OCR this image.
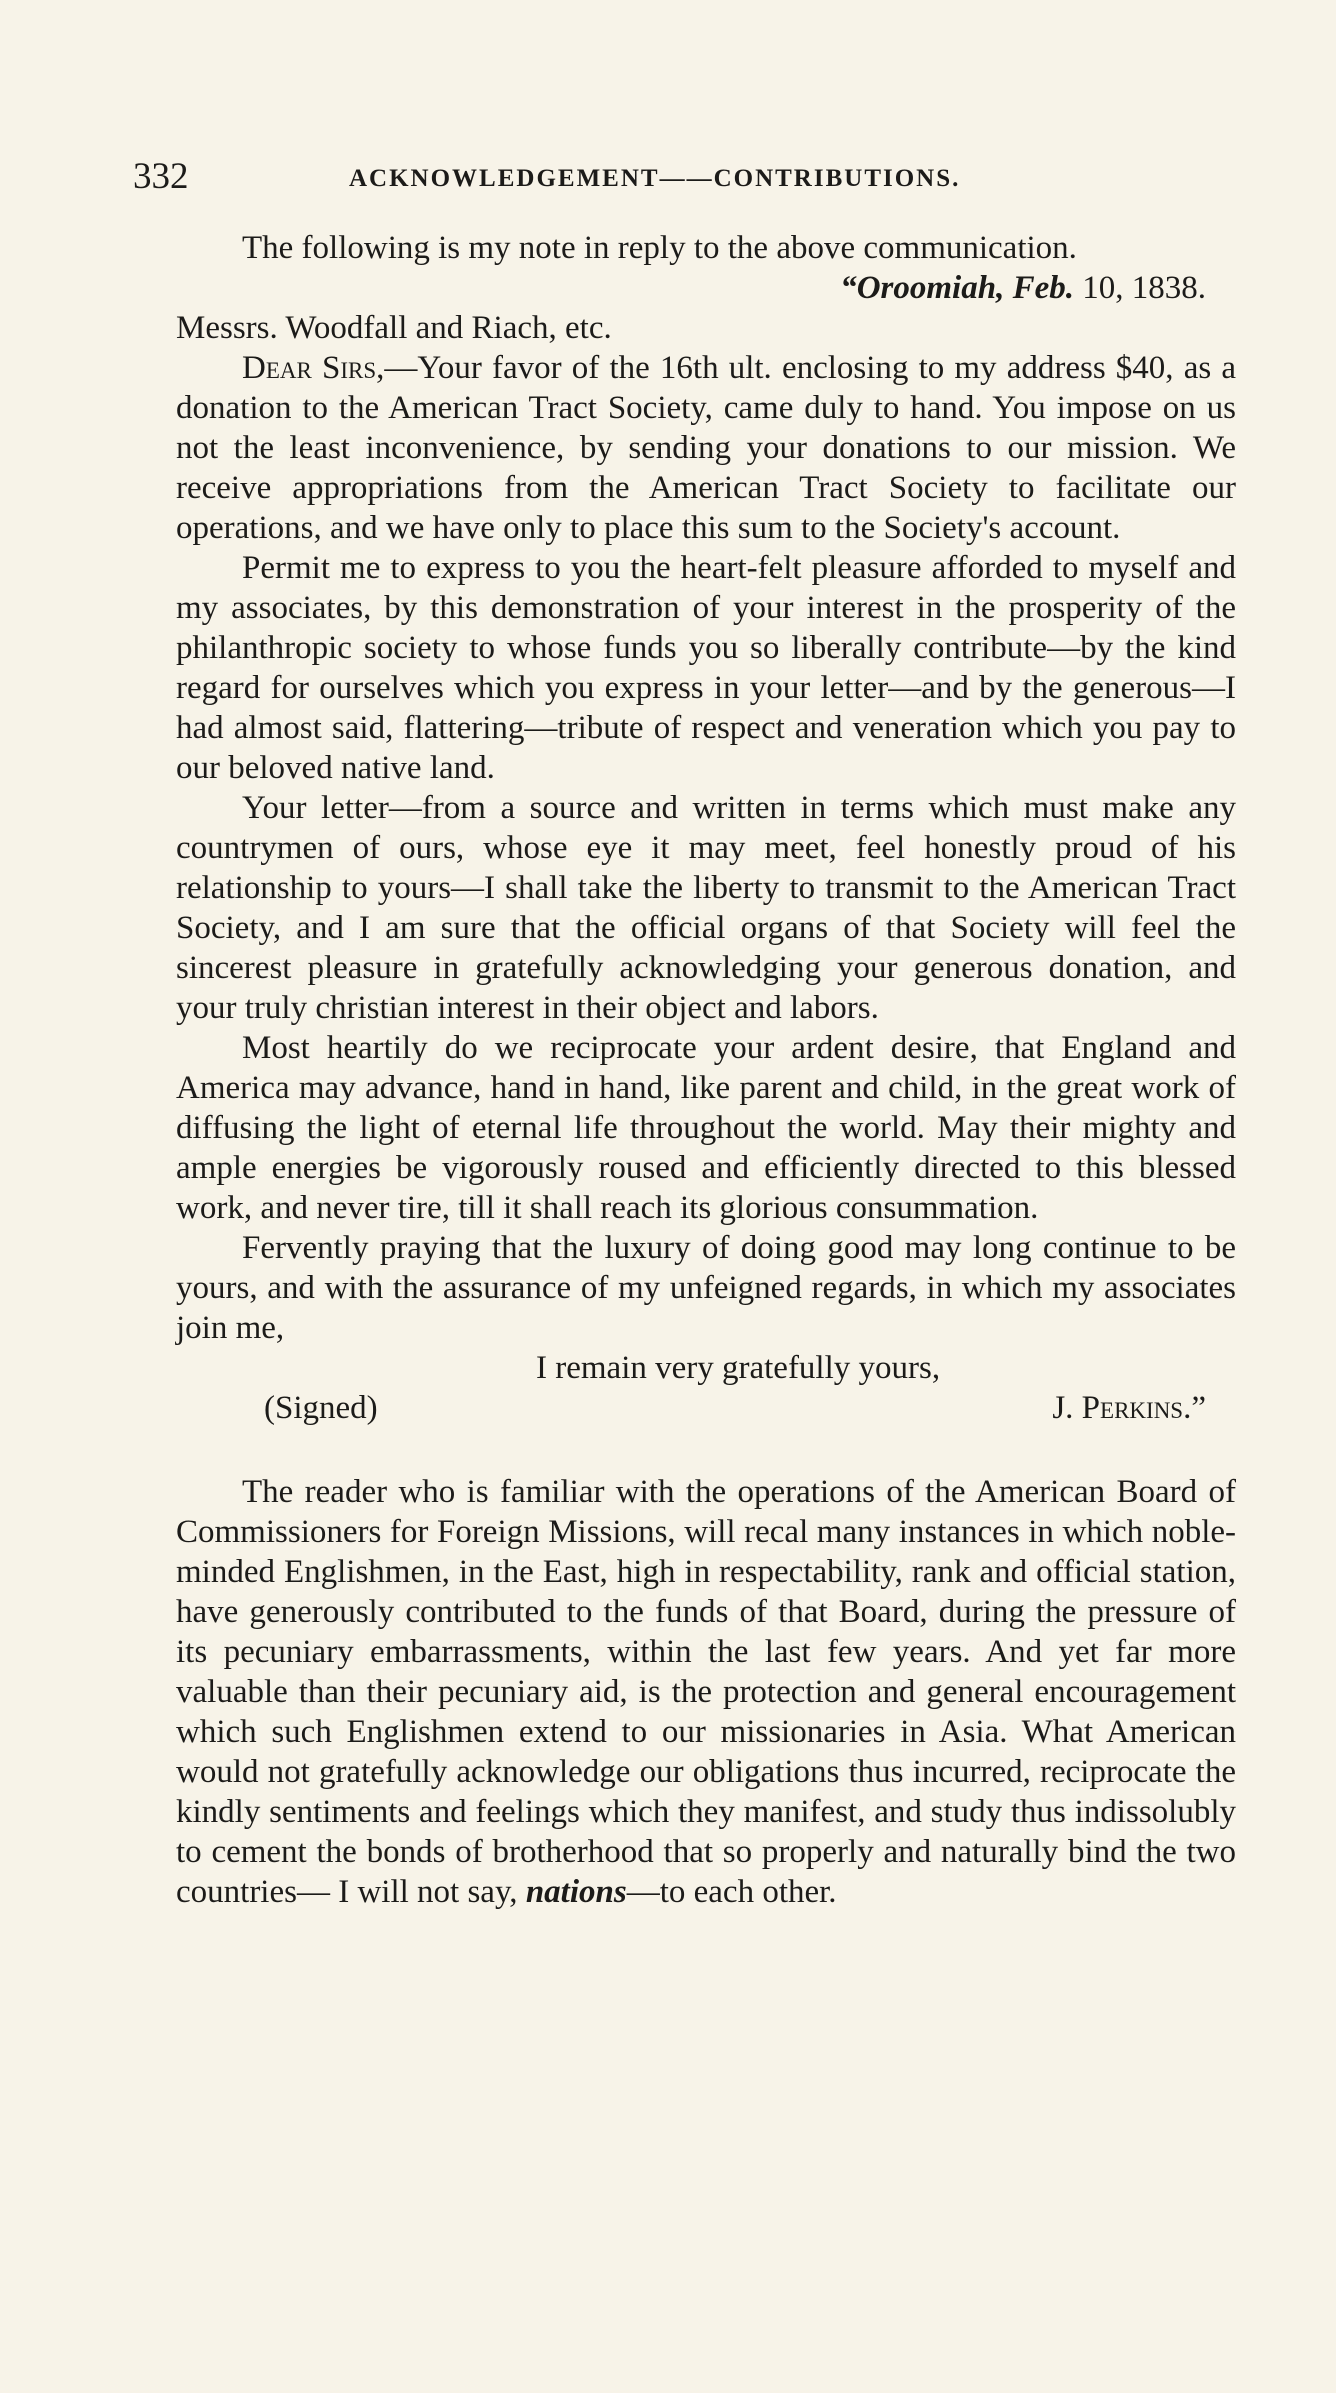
332	ACKNOWLEDGEMENT——CONTRIBUTIONS.

The following is my note in reply to the above communication.

“Oroomiah, Feb. 10, 1838.

Messrs. Woodfall and Riach, etc.

Dear Sirs,—Your favor of the 16th ult. enclosing to my address $40, as a donation to the American Tract Society, came duly to hand. You impose on us not the least inconvenience, by sending your donations to our mission. We receive appropriations from the American Tract Society to facilitate our operations, and we have only to place this sum to the Society's account.

Permit me to express to you the heart-felt pleasure afforded to myself and my associates, by this demonstration of your interest in the prosperity of the philanthropic society to whose funds you so liberally contribute—by the kind regard for ourselves which you express in your letter—and by the generous—I had almost said, flattering—tribute of respect and veneration which you pay to our beloved native land.

Your letter—from a source and written in terms which must make any countrymen of ours, whose eye it may meet, feel honestly proud of his relationship to yours—I shall take the liberty to transmit to the American Tract Society, and I am sure that the official organs of that Society will feel the sincerest pleasure in gratefully acknowledging your generous donation, and your truly christian interest in their object and labors.

Most heartily do we reciprocate your ardent desire, that England and America may advance, hand in hand, like parent and child, in the great work of diffusing the light of eternal life throughout the world. May their mighty and ample energies be vigorously roused and efficiently directed to this blessed work, and never tire, till it shall reach its glorious consummation.

Fervently praying that the luxury of doing good may long continue to be yours, and with the assurance of my unfeigned regards, in which my associates join me,

I remain very gratefully yours,

(Signed)	J. Perkins.”

The reader who is familiar with the operations of the American Board of Commissioners for Foreign Missions, will recal many instances in which noble-minded Englishmen, in the East, high in respectability, rank and official station, have generously contributed to the funds of that Board, during the pressure of its pecuniary embarrassments, within the last few years. And yet far more valuable than their pecuniary aid, is the protection and general encouragement which such Englishmen extend to our missionaries in Asia. What American would not gratefully acknowledge our obligations thus incurred, reciprocate the kindly sentiments and feelings which they manifest, and study thus indissolubly to cement the bonds of brotherhood that so properly and naturally bind the two countries— I will not say, nations—to each other.
